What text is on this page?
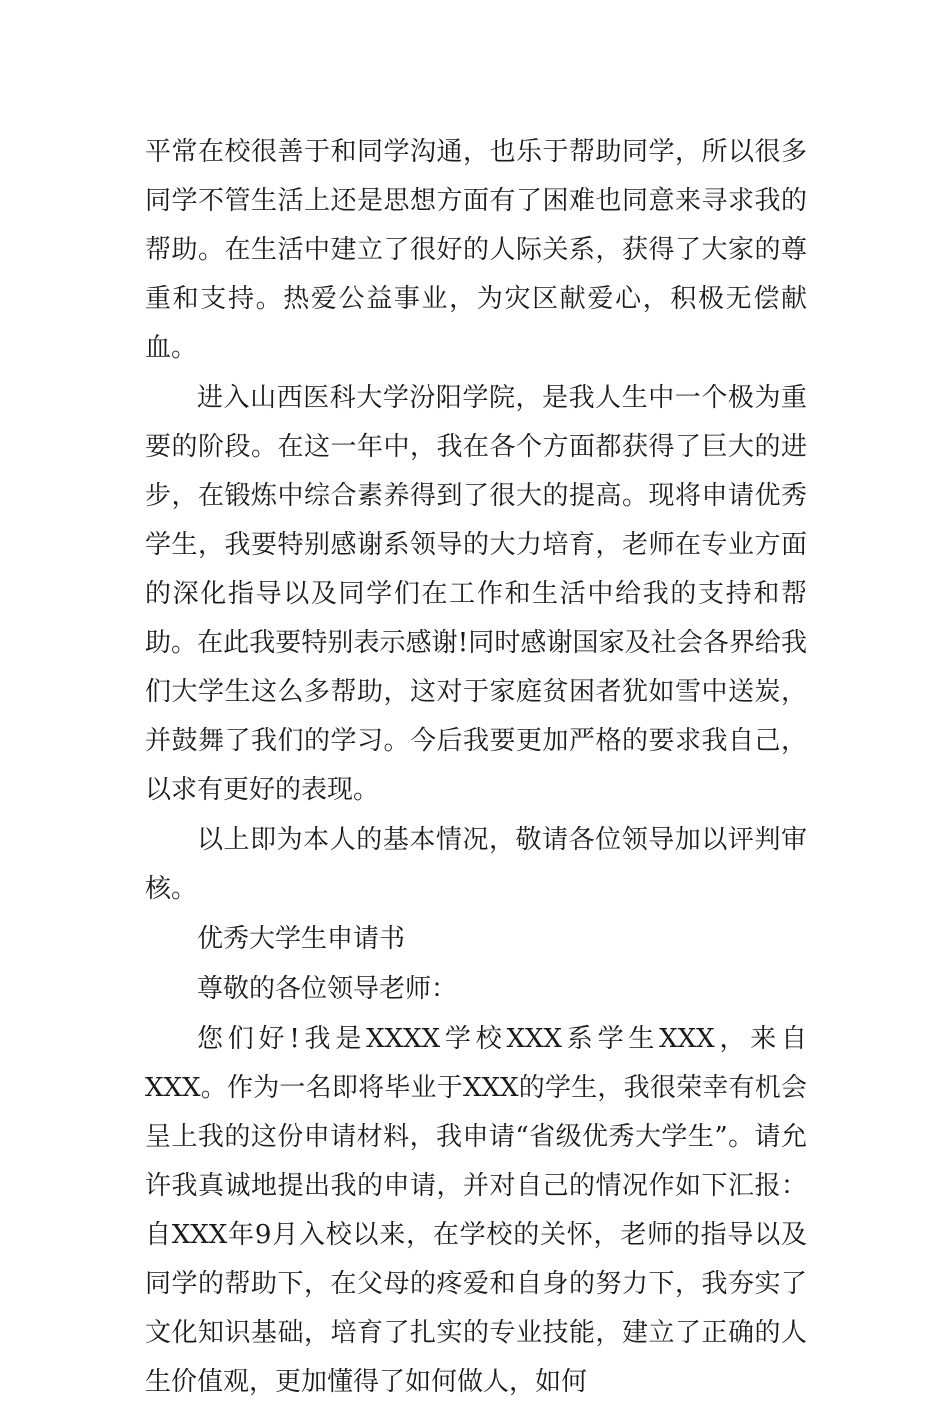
平常在校很善于和同学沟通，也乐于帮助同学，所以很多同学不管生活上还是思想方面有了困难也同意来寻求我的帮助。在生活中建立了很好的人际关系，获得了大家的尊重和支持。热爱公益事业，为灾区献爱心，积极无偿献血。

进入山西医科大学汾阳学院，是我人生中一个极为重要的阶段。在这一年中，我在各个方面都获得了巨大的进步，在锻炼中综合素养得到了很大的提高。现将申请优秀学生，我要特别感谢系领导的大力培育，老师在专业方面的深化指导以及同学们在工作和生活中给我的支持和帮助。在此我要特别表示感谢!同时感谢国家及社会各界给我们大学生这么多帮助，这对于家庭贫困者犹如雪中送炭，并鼓舞了我们的学习。今后我要更加严格的要求我自己，以求有更好的表现。

以上即为本人的基本情况，敬请各位领导加以评判审核。

优秀大学生申请书

尊敬的各位领导老师：

您们好!我是XXXX学校XXX系学生XXX，来自XXX。作为一名即将毕业于XXX的学生，我很荣幸有机会呈上我的这份申请材料，我申请“省级优秀大学生”。请允许我真诚地提出我的申请，并对自己的情况作如下汇报：自XXX年9月入校以来，在学校的关怀，老师的指导以及同学的帮助下，在父母的疼爱和自身的努力下，我夯实了文化知识基础，培育了扎实的专业技能，建立了正确的人生价值观，更加懂得了如何做人，如何
